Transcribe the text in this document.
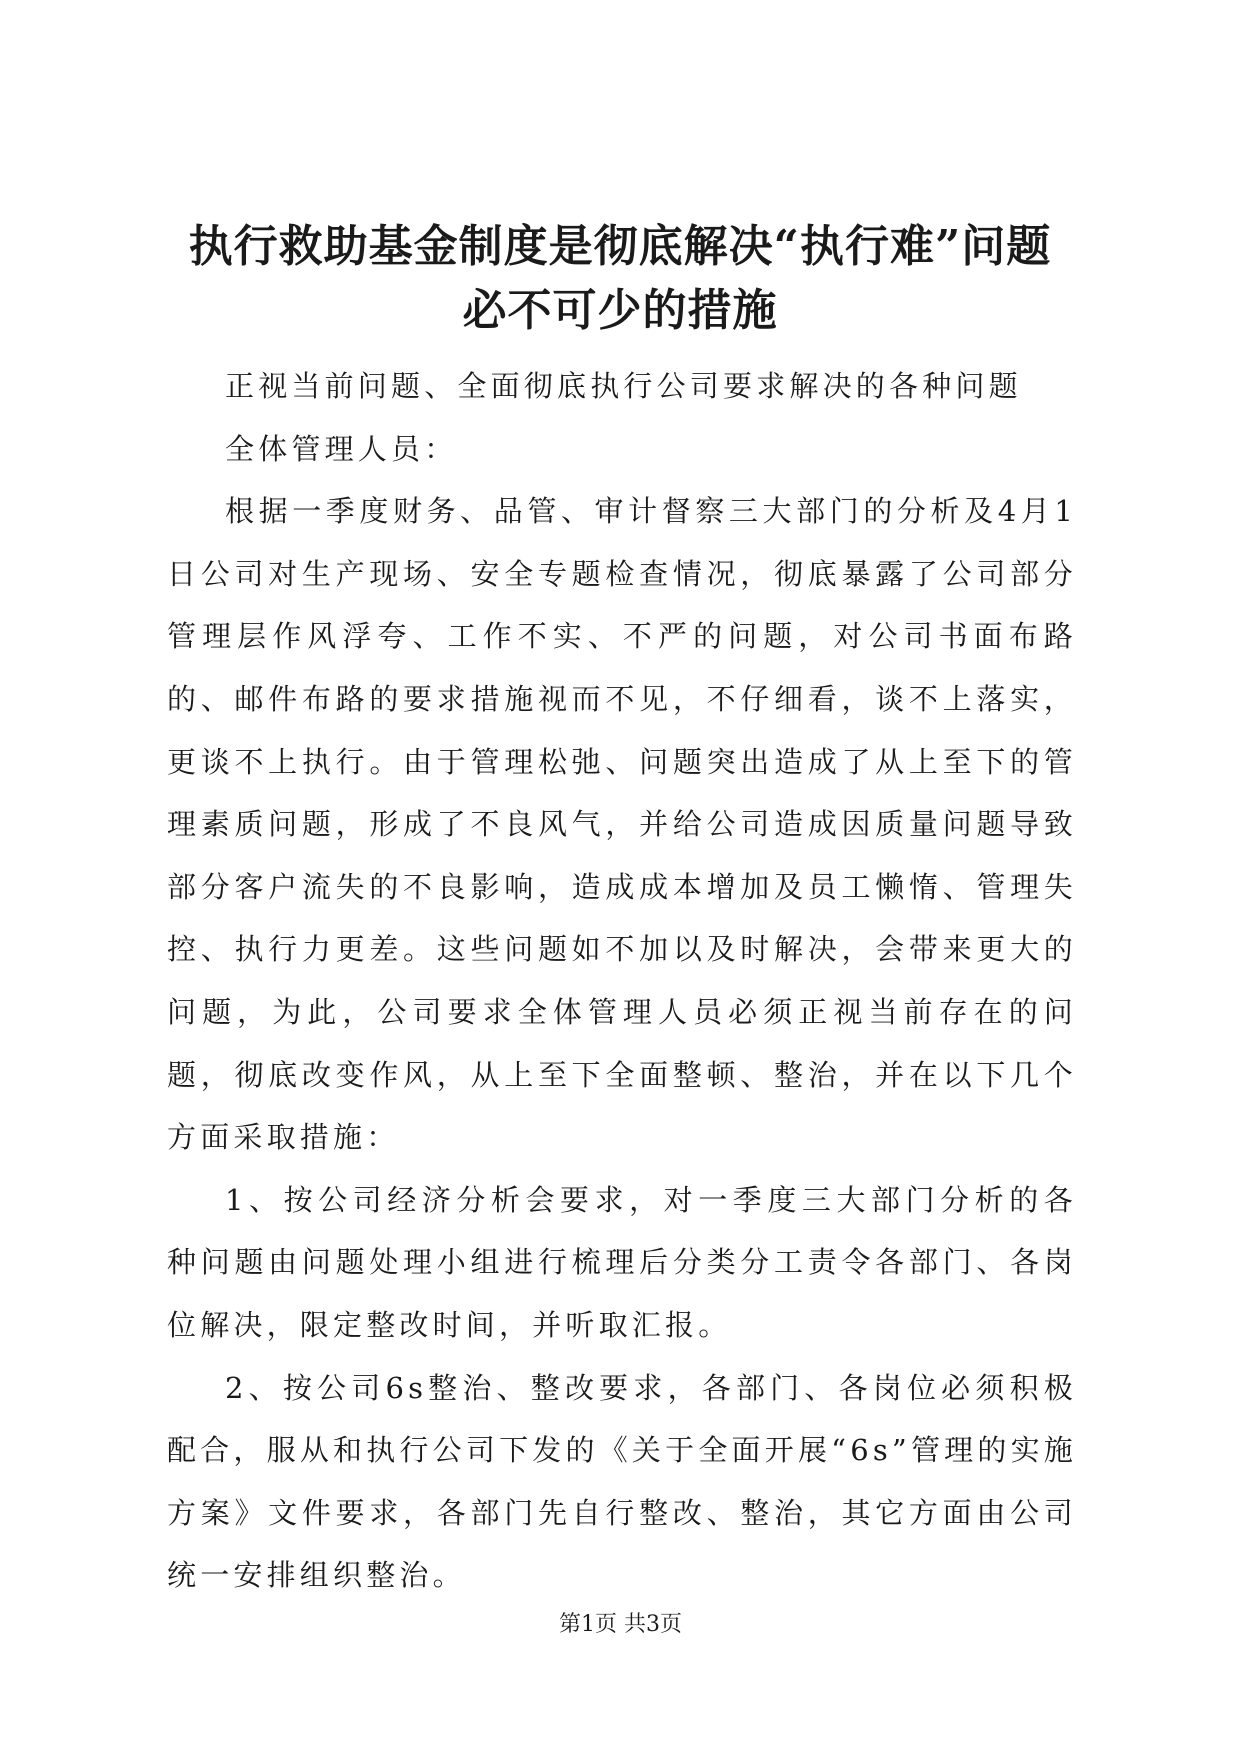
执行救助基金制度是彻底解决“执行难”问题
必不可少的措施

正视当前问题、全面彻底执行公司要求解决的各种问题

全体管理人员：

根据一季度财务、品管、审计督察三大部门的分析及4月1日公司对生产现场、安全专题检查情况，彻底暴露了公司部分管理层作风浮夸、工作不实、不严的问题，对公司书面布路的、邮件布路的要求措施视而不见，不仔细看，谈不上落实，更谈不上执行。由于管理松弛、问题突出造成了从上至下的管理素质问题，形成了不良风气，并给公司造成因质量问题导致部分客户流失的不良影响，造成成本增加及员工懒惰、管理失控、执行力更差。这些问题如不加以及时解决，会带来更大的问题，为此，公司要求全体管理人员必须正视当前存在的问题，彻底改变作风，从上至下全面整顿、整治，并在以下几个方面采取措施：

1、按公司经济分析会要求，对一季度三大部门分析的各种问题由问题处理小组进行梳理后分类分工责令各部门、各岗位解决，限定整改时间，并听取汇报。

2、按公司6s整治、整改要求，各部门、各岗位必须积极配合，服从和执行公司下发的《关于全面开展“6s”管理的实施方案》文件要求，各部门先自行整改、整治，其它方面由公司统一安排组织整治。

第1页 共3页
